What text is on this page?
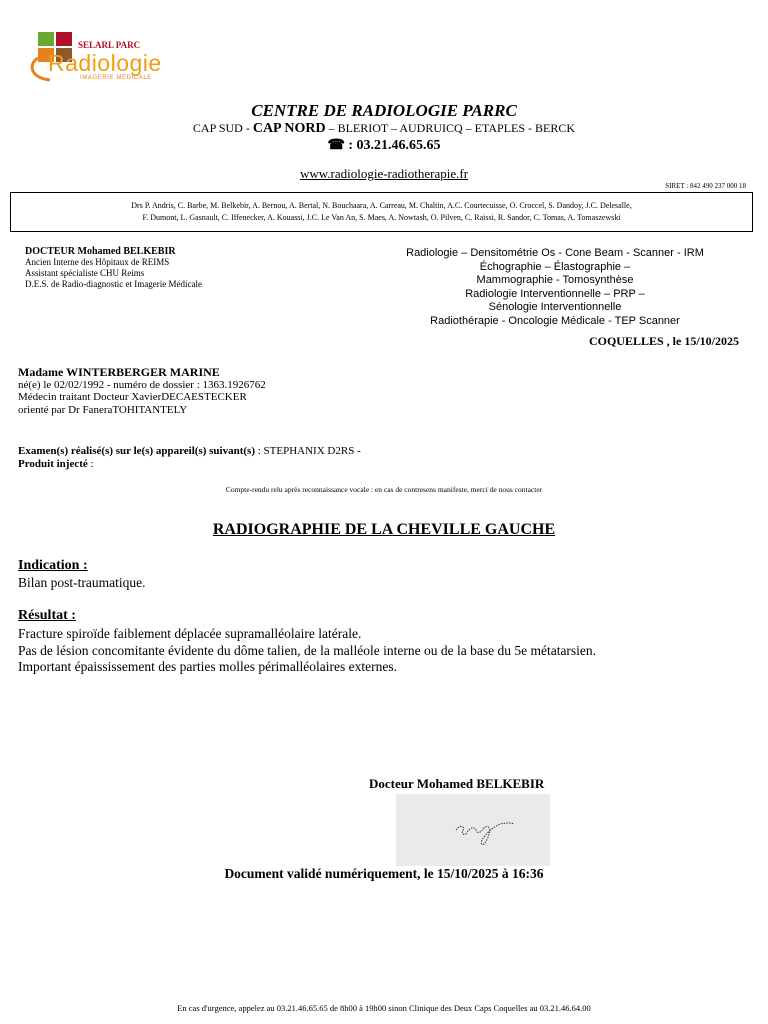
SELARL PARC
Radiologie
IMAGERIE MÉDICALE
CENTRE DE RADIOLOGIE PARRC
CAP SUD - CAP NORD – BLERIOT – AUDRUICQ – ETAPLES - BERCK
☎ : 03.21.46.65.65
www.radiologie-radiotherapie.fr
SIRET : 842 490 237 000 18
Drs P. Andris, C. Barbe, M. Belkebir, A. Bernou, A. Bertal, N. Bouchaara, A. Carreau, M. Chaltin, A.C. Courtecuisse, O. Croccel, S. Dandoy, J.C. Delesalle,
F. Dumont, L. Gasnault, C. Iffenecker, A. Kouassi, J.C. Le Van An, S. Maes, A. Nowtash, O. Pilven, C. Raissi, R. Sandor, C. Tomas, A. Tomaszewski
DOCTEUR Mohamed BELKEBIR
Ancien Interne des Hôpitaux de REIMS
Assistant spécialiste CHU Reims
D.E.S. de Radio-diagnostic et Imagerie Médicale
Radiologie – Densitométrie Os - Cone Beam - Scanner - IRM
Échographie – Élastographie –
Mammographie - Tomosynthèse
Radiologie Interventionnelle – PRP –
Sénologie Interventionnelle
Radiothérapie - Oncologie Médicale - TEP Scanner
COQUELLES , le 15/10/2025
Madame WINTERBERGER MARINE
né(e) le 02/02/1992 - numéro de dossier : 1363.1926762
Médecin traitant Docteur XavierDECAESTECKER
orienté par Dr FaneraTOHITANTELY
Examen(s) réalisé(s) sur le(s) appareil(s) suivant(s) : STEPHANIX D2RS -
Produit injecté :
Compte-rendu relu après reconnaissance vocale : en cas de contresens manifeste, merci de nous contacter
RADIOGRAPHIE DE LA CHEVILLE GAUCHE
Indication :
Bilan post-traumatique.
Résultat :
Fracture spiroïde faiblement déplacée supramalléolaire latérale.
Pas de lésion concomitante évidente du dôme talien, de la malléole interne ou de la base du 5e métatarsien.
Important épaississement des parties molles périmalléolaires externes.
Docteur Mohamed BELKEBIR
Document validé numériquement, le 15/10/2025 à 16:36
En cas d'urgence, appelez au 03.21.46.65.65 de 8h00 à 19h00 sinon Clinique des Deux Caps Coquelles au 03.21.46.64.00
